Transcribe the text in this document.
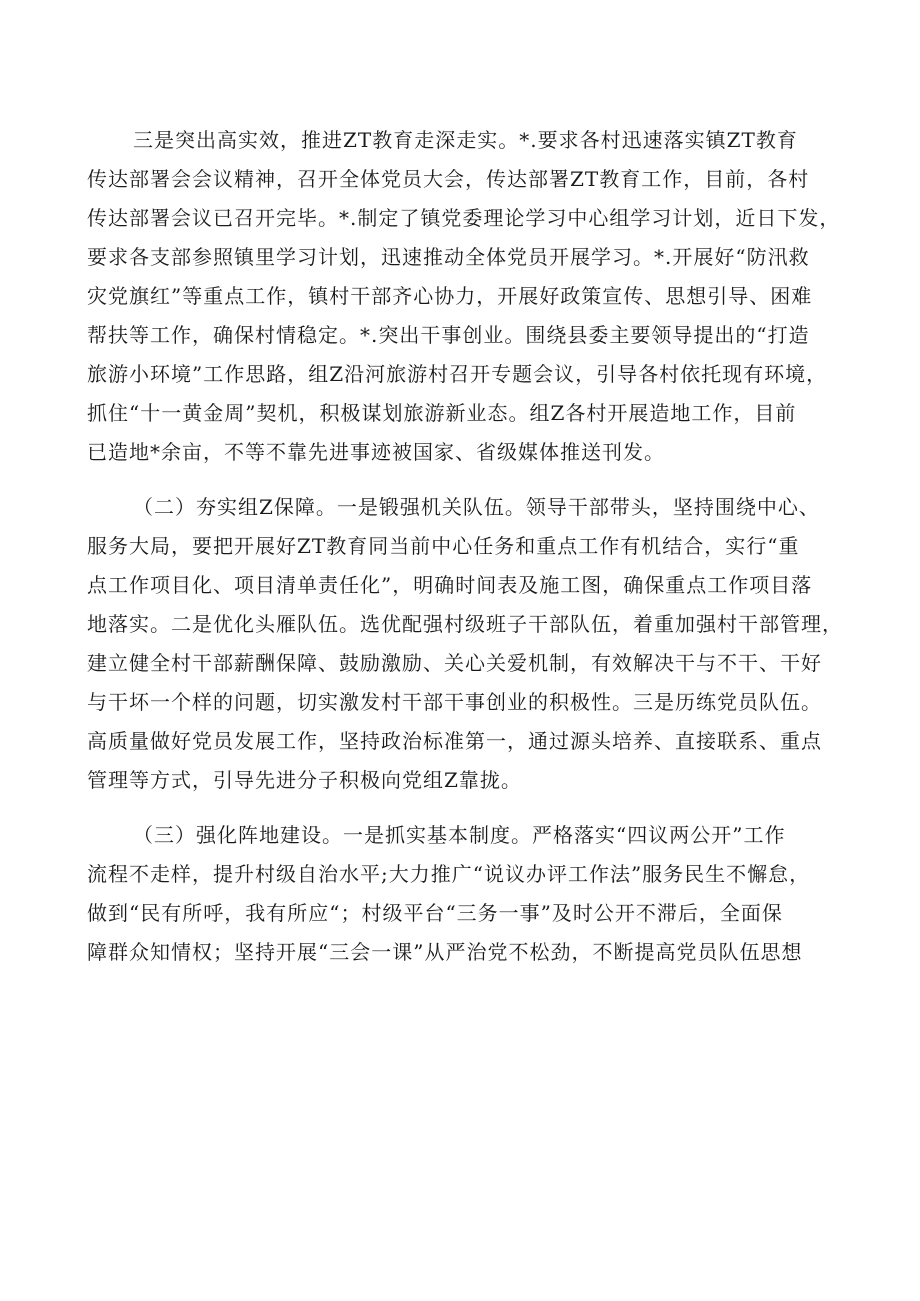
三是突出高实效，推进ZT教育走深走实。*.要求各村迅速落实镇ZT教育
传达部署会会议精神，召开全体党员大会，传达部署ZT教育工作，目前，各村
传达部署会议已召开完毕。*.制定了镇党委理论学习中心组学习计划，近日下发，
要求各支部参照镇里学习计划，迅速推动全体党员开展学习。*.开展好“防汛救
灾党旗红”等重点工作，镇村干部齐心协力，开展好政策宣传、思想引导、困难
帮扶等工作，确保村情稳定。*.突出干事创业。围绕县委主要领导提出的“打造
旅游小环境”工作思路，组Z沿河旅游村召开专题会议，引导各村依托现有环境，
抓住“十一黄金周”契机，积极谋划旅游新业态。组Z各村开展造地工作，目前
已造地*余亩，不等不靠先进事迹被国家、省级媒体推送刊发。
（二）夯实组Z保障。一是锻强机关队伍。领导干部带头，坚持围绕中心、
服务大局，要把开展好ZT教育同当前中心任务和重点工作有机结合，实行“重
点工作项目化、项目清单责任化”，明确时间表及施工图，确保重点工作项目落
地落实。二是优化头雁队伍。选优配强村级班子干部队伍，着重加强村干部管理，
建立健全村干部薪酬保障、鼓励激励、关心关爱机制，有效解决干与不干、干好
与干坏一个样的问题，切实激发村干部干事创业的积极性。三是历练党员队伍。
高质量做好党员发展工作，坚持政治标准第一，通过源头培养、直接联系、重点
管理等方式，引导先进分子积极向党组Z靠拢。
（三）强化阵地建设。一是抓实基本制度。严格落实“四议两公开”工作
流程不走样，提升村级自治水平;大力推广“说议办评工作法”服务民生不懈怠，
做到“民有所呼，我有所应“；村级平台“三务一事”及时公开不滞后，全面保
障群众知情权；坚持开展“三会一课”从严治党不松劲，不断提高党员队伍思想
